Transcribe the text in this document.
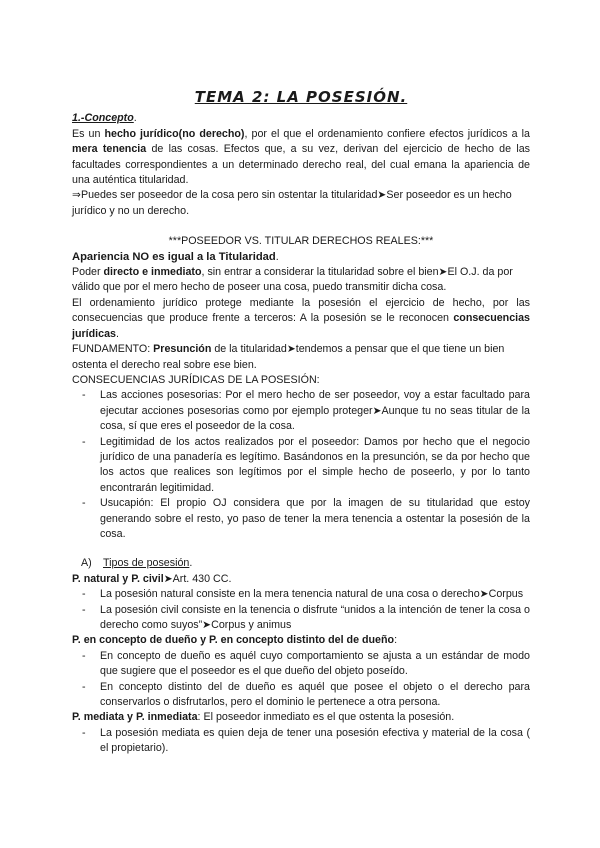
TEMA 2: LA POSESIÓN.

1.-Concepto.

Es un hecho jurídico(no derecho), por el que el ordenamiento confiere efectos jurídicos a la mera tenencia de las cosas. Efectos que, a su vez, derivan del ejercicio de hecho de las facultades correspondientes a un determinado derecho real, del cual emana la apariencia de una auténtica titularidad.

⇒Puedes ser poseedor de la cosa pero sin ostentar la titularidad➤Ser poseedor es un hecho jurídico y no un derecho.

***POSEEDOR VS. TITULAR DERECHOS REALES:***

Apariencia NO es igual a la Titularidad.

Poder directo e inmediato, sin entrar a considerar la titularidad sobre el bien➤El O.J. da por válido que por el mero hecho de poseer una cosa, puedo transmitir dicha cosa.

El ordenamiento jurídico protege mediante la posesión el ejercicio de hecho, por las consecuencias que produce frente a terceros: A la posesión se le reconocen consecuencias jurídicas.

FUNDAMENTO: Presunción de la titularidad➤tendemos a pensar que el que tiene un bien ostenta el derecho real sobre ese bien.

CONSECUENCIAS JURÍDICAS DE LA POSESIÓN:

- Las acciones posesorias: Por el mero hecho de ser poseedor, voy a estar facultado para ejecutar acciones posesorias como por ejemplo proteger➤Aunque tu no seas titular de la cosa, sí que eres el poseedor de la cosa.
- Legitimidad de los actos realizados por el poseedor: Damos por hecho que el negocio jurídico de una panadería es legítimo. Basándonos en la presunción, se da por hecho que los actos que realices son legítimos por el simple hecho de poseerlo, y por lo tanto encontrarán legitimidad.
- Usucapión: El propio OJ considera que por la imagen de su titularidad que estoy generando sobre el resto, yo paso de tener la mera tenencia a ostentar la posesión de la cosa.

A) Tipos de posesión.

P. natural y P. civil➤Art. 430 CC.

- La posesión natural consiste en la mera tenencia natural de una cosa o derecho➤Corpus
- La posesión civil consiste en la tenencia o disfrute “unidos a la intención de tener la cosa o derecho como suyos”➤Corpus y animus

P. en concepto de dueño y P. en concepto distinto del de dueño:

- En concepto de dueño es aquél cuyo comportamiento se ajusta a un estándar de modo que sugiere que el poseedor es el que dueño del objeto poseído.
- En concepto distinto del de dueño es aquél que posee el objeto o el derecho para conservarlos o disfrutarlos, pero el dominio le pertenece a otra persona.

P. mediata y P. inmediata: El poseedor inmediato es el que ostenta la posesión.

- La posesión mediata es quien deja de tener una posesión efectiva y material de la cosa ( el propietario).
